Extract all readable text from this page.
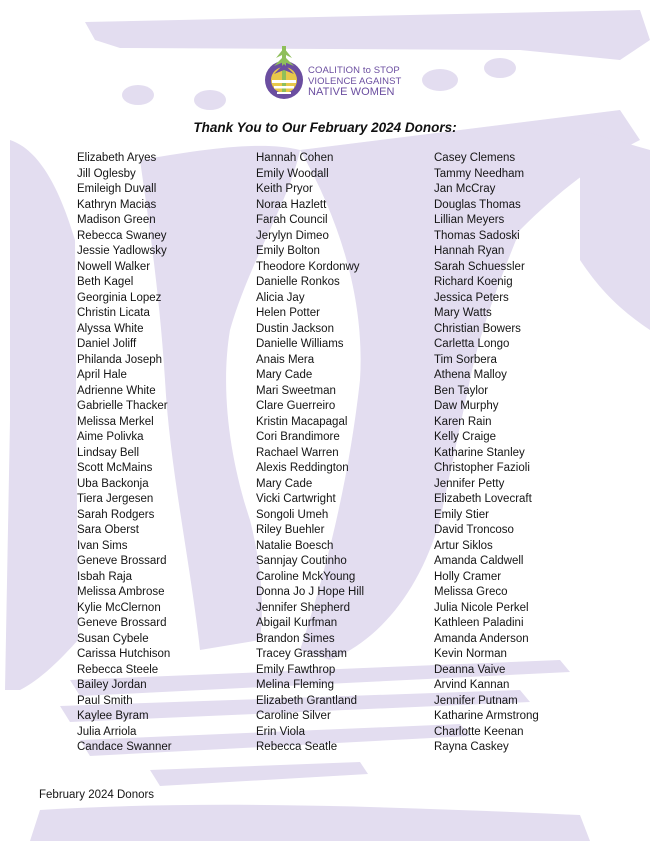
COALITION to STOP
VIOLENCE AGAINST
NATIVE WOMEN
Thank You to Our February 2024 Donors:
Elizabeth Aryes
Jill Oglesby
Emileigh Duvall
Kathryn Macias
Madison Green
Rebecca Swaney
Jessie Yadlowsky
Nowell Walker
Beth Kagel
Georginia Lopez
Christin Licata
Alyssa White
Daniel Joliff
Philanda Joseph
April Hale
Adrienne White
Gabrielle Thacker
Melissa Merkel
Aime Polivka
Lindsay Bell
Scott McMains
Uba Backonja
Tiera Jergesen
Sarah Rodgers
Sara Oberst
Ivan Sims
Geneve Brossard
Isbah Raja
Melissa Ambrose
Kylie McClernon
Geneve Brossard
Susan Cybele
Carissa Hutchison
Rebecca Steele
Bailey Jordan
Paul Smith
Kaylee Byram
Julia Arriola
Candace Swanner
Hannah Cohen
Emily Woodall
Keith Pryor
Noraa Hazlett
Farah Council
Jerylyn Dimeo
Emily Bolton
Theodore Kordonwy
Danielle Ronkos
Alicia Jay
Helen Potter
Dustin Jackson
Danielle Williams
Anais Mera
Mary Cade
Mari Sweetman
Clare Guerreiro
Kristin Macapagal
Cori Brandimore
Rachael Warren
Alexis Reddington
Mary Cade
Vicki Cartwright
Songoli Umeh
Riley Buehler
Natalie Boesch
Sannjay Coutinho
Caroline MckYoung
Donna Jo J Hope Hill
Jennifer Shepherd
Abigail Kurfman
Brandon Simes
Tracey Grassham
Emily Fawthrop
Melina Fleming
Elizabeth Grantland
Caroline Silver
Erin Viola
Rebecca Seatle
Casey Clemens
Tammy Needham
Jan McCray
Douglas Thomas
Lillian Meyers
Thomas Sadoski
Hannah Ryan
Sarah Schuessler
Richard Koenig
Jessica Peters
Mary Watts
Christian Bowers
Carletta Longo
Tim Sorbera
Athena Malloy
Ben Taylor
Daw Murphy
Karen Rain
Kelly Craige
Katharine Stanley
Christopher Fazioli
Jennifer Petty
Elizabeth Lovecraft
Emily Stier
David Troncoso
Artur Siklos
Amanda Caldwell
Holly Cramer
Melissa Greco
Julia Nicole Perkel
Kathleen Paladini
Amanda Anderson
Kevin Norman
Deanna Vaive
Arvind Kannan
Jennifer Putnam
Katharine Armstrong
Charlotte Keenan
Rayna Caskey
February 2024 Donors
